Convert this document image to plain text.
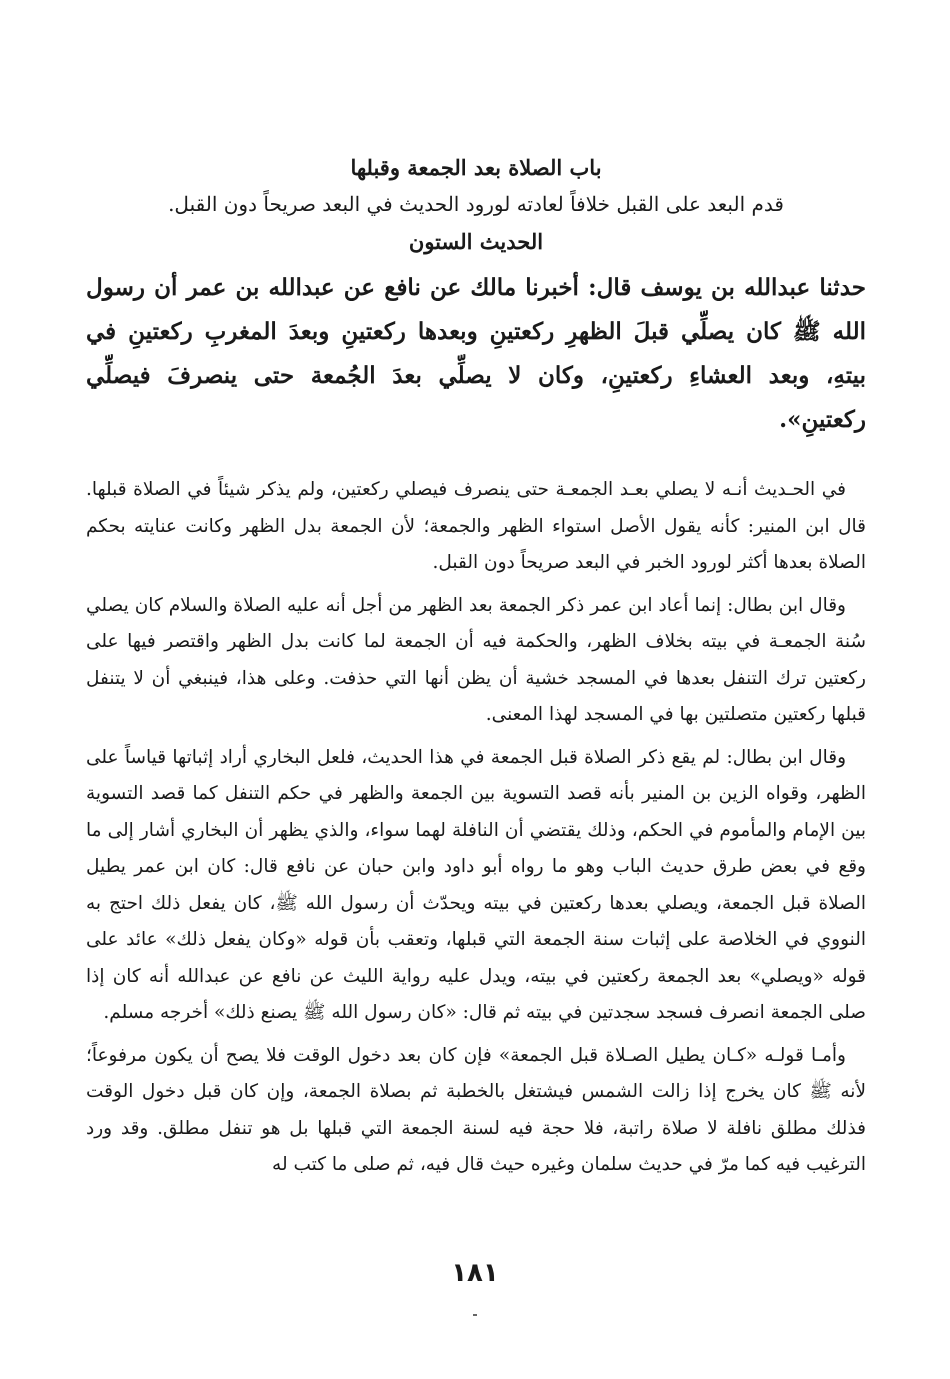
باب الصلاة بعد الجمعة وقبلها

قدم البعد على القبل خلافاً لعادته لورود الحديث في البعد صريحاً دون القبل.

الحديث الستون

حدثنا عبدالله بن يوسف قال: أخبرنا مالك عن نافع عن عبدالله بن عمر أن رسول الله ﷺ كان يصلِّي قبلَ الظهرِ ركعتينِ وبعدها ركعتينِ وبعدَ المغربِ ركعتينِ في بيتهِ، وبعد العشاءِ ركعتينِ، وكان لا يصلِّي بعدَ الجُمعة حتى ينصرفَ فيصلِّي ركعتينِ».

في الحـديث أنـه لا يصلي بعـد الجمعـة حتى ينصرف فيصلي ركعتين، ولم يذكر شيئاً في الصلاة قبلها. قال ابن المنير: كأنه يقول الأصل استواء الظهر والجمعة؛ لأن الجمعة بدل الظهر وكانت عنايته بحكم الصلاة بعدها أكثر لورود الخبر في البعد صريحاً دون القبل.

وقال ابن بطال: إنما أعاد ابن عمر ذكر الجمعة بعد الظهر من أجل أنه عليه الصلاة والسلام كان يصلي سُنة الجمعـة في بيته بخلاف الظهر، والحكمة فيه أن الجمعة لما كانت بدل الظهر واقتصر فيها على ركعتين ترك التنفل بعدها في المسجد خشية أن يظن أنها التي حذفت. وعلى هذا، فينبغي أن لا يتنفل قبلها ركعتين متصلتين بها في المسجد لهذا المعنى.

وقال ابن بطال: لم يقع ذكر الصلاة قبل الجمعة في هذا الحديث، فلعل البخاري أراد إثباتها قياساً على الظهر، وقواه الزين بن المنير بأنه قصد التسوية بين الجمعة والظهر في حكم التنفل كما قصد التسوية بين الإمام والمأموم في الحكم، وذلك يقتضي أن النافلة لهما سواء، والذي يظهر أن البخاري أشار إلى ما وقع في بعض طرق حديث الباب وهو ما رواه أبو داود وابن حبان عن نافع قال: كان ابن عمر يطيل الصلاة قبل الجمعة، ويصلي بعدها ركعتين في بيته ويحدّث أن رسول الله ﷺ، كان يفعل ذلك احتج به النووي في الخلاصة على إثبات سنة الجمعة التي قبلها، وتعقب بأن قوله «وكان يفعل ذلك» عائد على قوله «ويصلي» بعد الجمعة ركعتين في بيته، ويدل عليه رواية الليث عن نافع عن عبدالله أنه كان إذا صلى الجمعة انصرف فسجد سجدتين في بيته ثم قال: «كان رسول الله ﷺ يصنع ذلك» أخرجه مسلم.

وأمـا قولـه «كـان يطيل الصـلاة قبل الجمعة» فإن كان بعد دخول الوقت فلا يصح أن يكون مرفوعاً؛ لأنه ﷺ كان يخرج إذا زالت الشمس فيشتغل بالخطبة ثم بصلاة الجمعة، وإن كان قبل دخول الوقت فذلك مطلق نافلة لا صلاة راتبة، فلا حجة فيه لسنة الجمعة التي قبلها بل هو تنفل مطلق. وقد ورد الترغيب فيه كما مرّ في حديث سلمان وغيره حيث قال فيه، ثم صلى ما كتب له

١٨١
